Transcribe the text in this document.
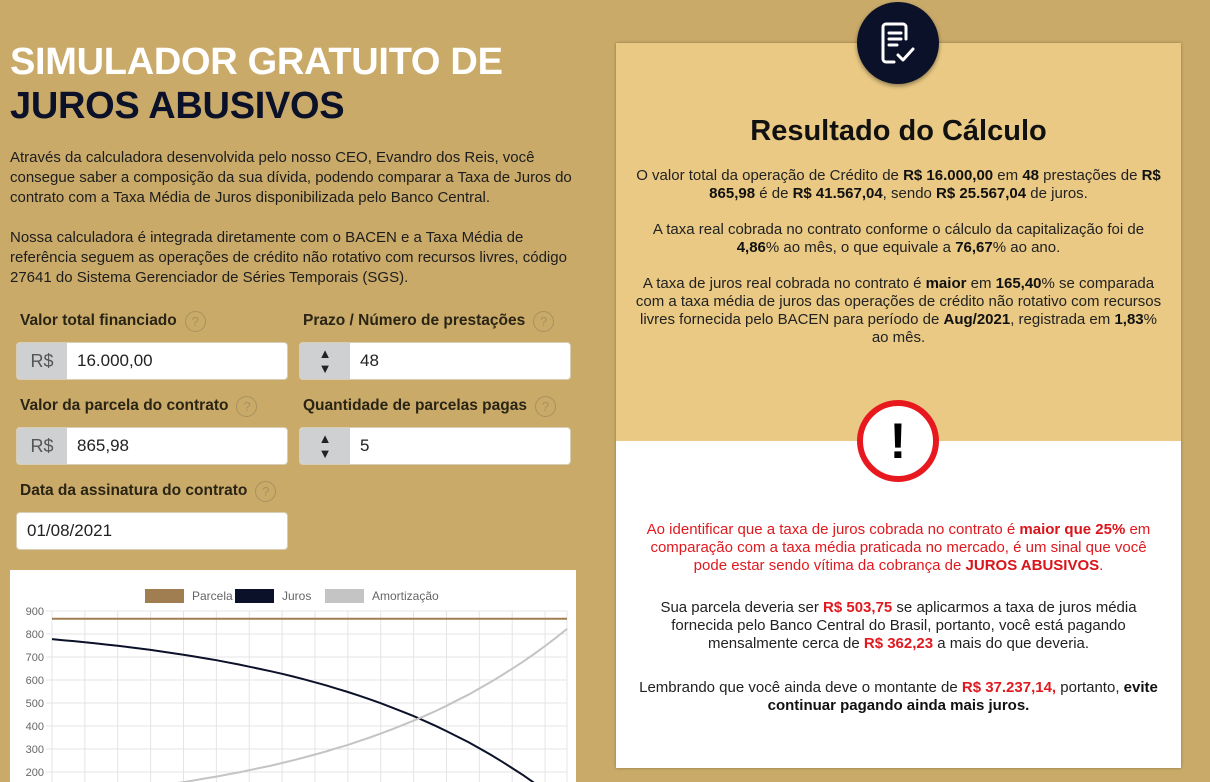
SIMULADOR GRATUITO DE
JUROS ABUSIVOS

Através da calculadora desenvolvida pelo nosso CEO, Evandro dos Reis, você consegue saber a composição da sua dívida, podendo comparar a Taxa de Juros do contrato com a Taxa Média de Juros disponibilizada pelo Banco Central.

Nossa calculadora é integrada diretamente com o BACEN e a Taxa Média de referência seguem as operações de crédito não rotativo com recursos livres, código 27641 do Sistema Gerenciador de Séries Temporais (SGS).

Valor total financiado	?
R$	16.000,00
Prazo / Número de prestações	?
▲
▼	48
Valor da parcela do contrato	?
R$	865,98
Quantidade de parcelas pagas	?
▲
▼	5
Data da assinatura do contrato	?
01/08/2021
900
800
700
600
500
400
300
200
Parcela	Juros	Amortização
Resultado do Cálculo

O valor total da operação de Crédito de R$ 16.000,00 em 48 prestações de R$ 865,98 é de R$ 41.567,04, sendo R$ 25.567,04 de juros.

A taxa real cobrada no contrato conforme o cálculo da capitalização foi de 4,86% ao mês, o que equivale a 76,67% ao ano.

A taxa de juros real cobrada no contrato é maior em 165,40% se comparada com a taxa média de juros das operações de crédito não rotativo com recursos livres fornecida pelo BACEN para período de Aug/2021, registrada em 1,83% ao mês.

!

Ao identificar que a taxa de juros cobrada no contrato é maior que 25% em comparação com a taxa média praticada no mercado, é um sinal que você pode estar sendo vítima da cobrança de JUROS ABUSIVOS.

Sua parcela deveria ser R$ 503,75 se aplicarmos a taxa de juros média fornecida pelo Banco Central do Brasil, portanto, você está pagando mensalmente cerca de R$ 362,23 a mais do que deveria.

Lembrando que você ainda deve o montante de R$ 37.237,14, portanto, evite continuar pagando ainda mais juros.
